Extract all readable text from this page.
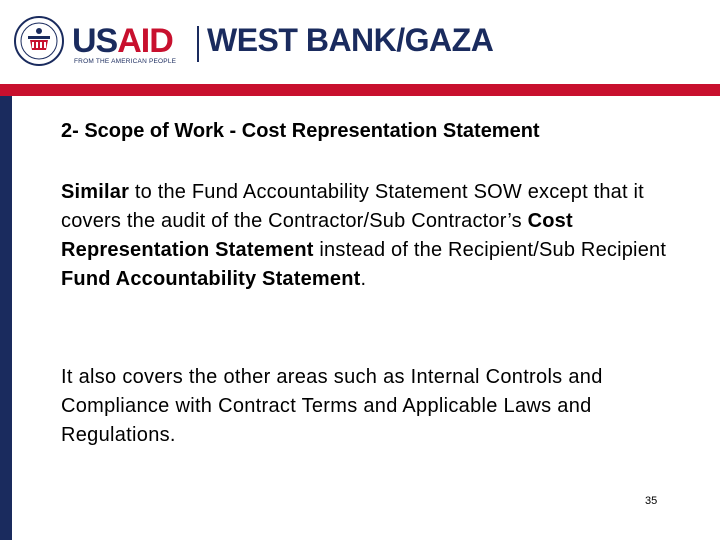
USAID
FROM THE AMERICAN PEOPLE
WEST BANK/GAZA
2- Scope of Work - Cost Representation Statement
Similar to the Fund Accountability Statement SOW except that it covers the audit of the Contractor/Sub Contractor’s Cost Representation Statement instead of the Recipient/Sub Recipient Fund Accountability Statement.
It also covers the other areas such as Internal Controls and Compliance with Contract Terms and Applicable Laws and Regulations.
35
